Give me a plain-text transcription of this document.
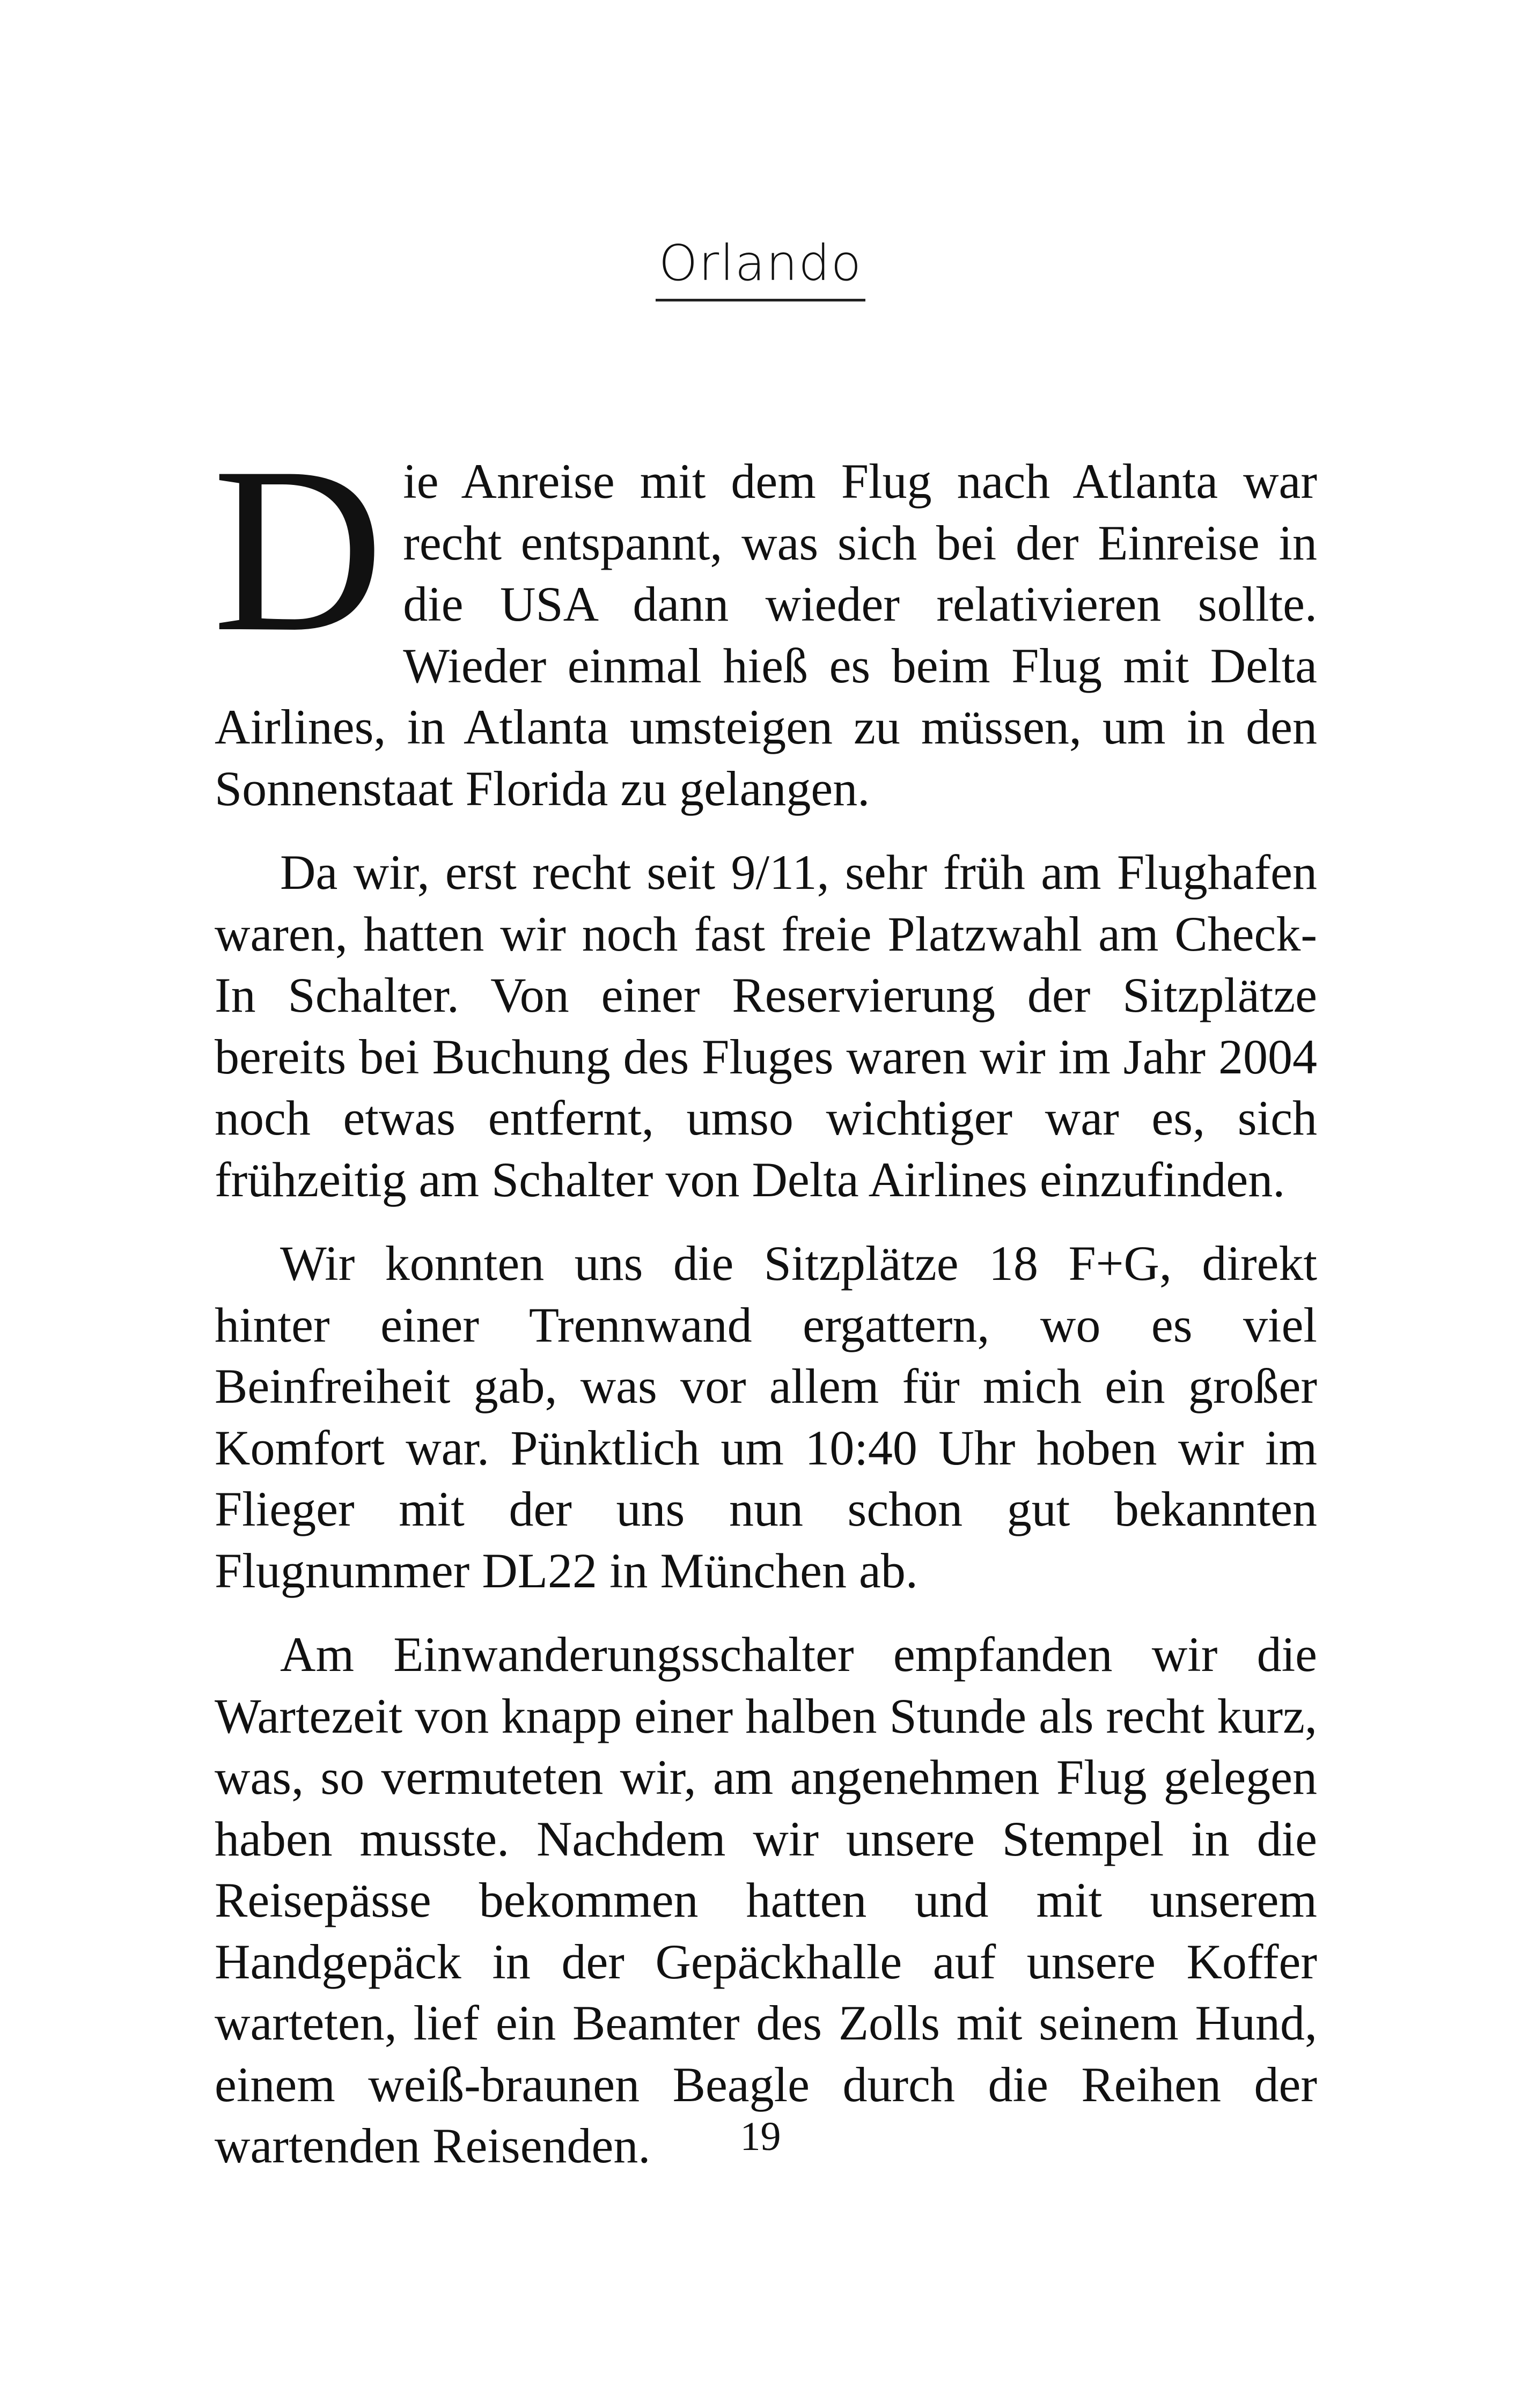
Orlando

Die Anreise mit dem Flug nach Atlanta war recht entspannt, was sich bei der Einreise in die USA dann wieder relativieren sollte. Wieder einmal hieß es beim Flug mit Delta Airlines, in Atlanta umsteigen zu müssen, um in den Sonnenstaat Florida zu gelangen.

Da wir, erst recht seit 9/11, sehr früh am Flughafen waren, hatten wir noch fast freie Platzwahl am Check-In Schalter. Von einer Reservierung der Sitzplätze bereits bei Buchung des Fluges waren wir im Jahr 2004 noch etwas entfernt, umso wichtiger war es, sich frühzeitig am Schalter von Delta Airlines einzufinden.

Wir konnten uns die Sitzplätze 18 F+G, direkt hinter einer Trennwand ergattern, wo es viel Beinfreiheit gab, was vor allem für mich ein großer Komfort war. Pünktlich um 10:40 Uhr hoben wir im Flieger mit der uns nun schon gut bekannten Flugnummer DL22 in München ab.

Am Einwanderungsschalter empfanden wir die Wartezeit von knapp einer halben Stunde als recht kurz, was, so vermuteten wir, am angenehmen Flug gelegen haben musste. Nachdem wir unsere Stempel in die Reisepässe bekommen hatten und mit unserem Handgepäck in der Gepäckhalle auf unsere Koffer warteten, lief ein Beamter des Zolls mit seinem Hund, einem weiß-braunen Beagle durch die Reihen der wartenden Reisenden.	19
